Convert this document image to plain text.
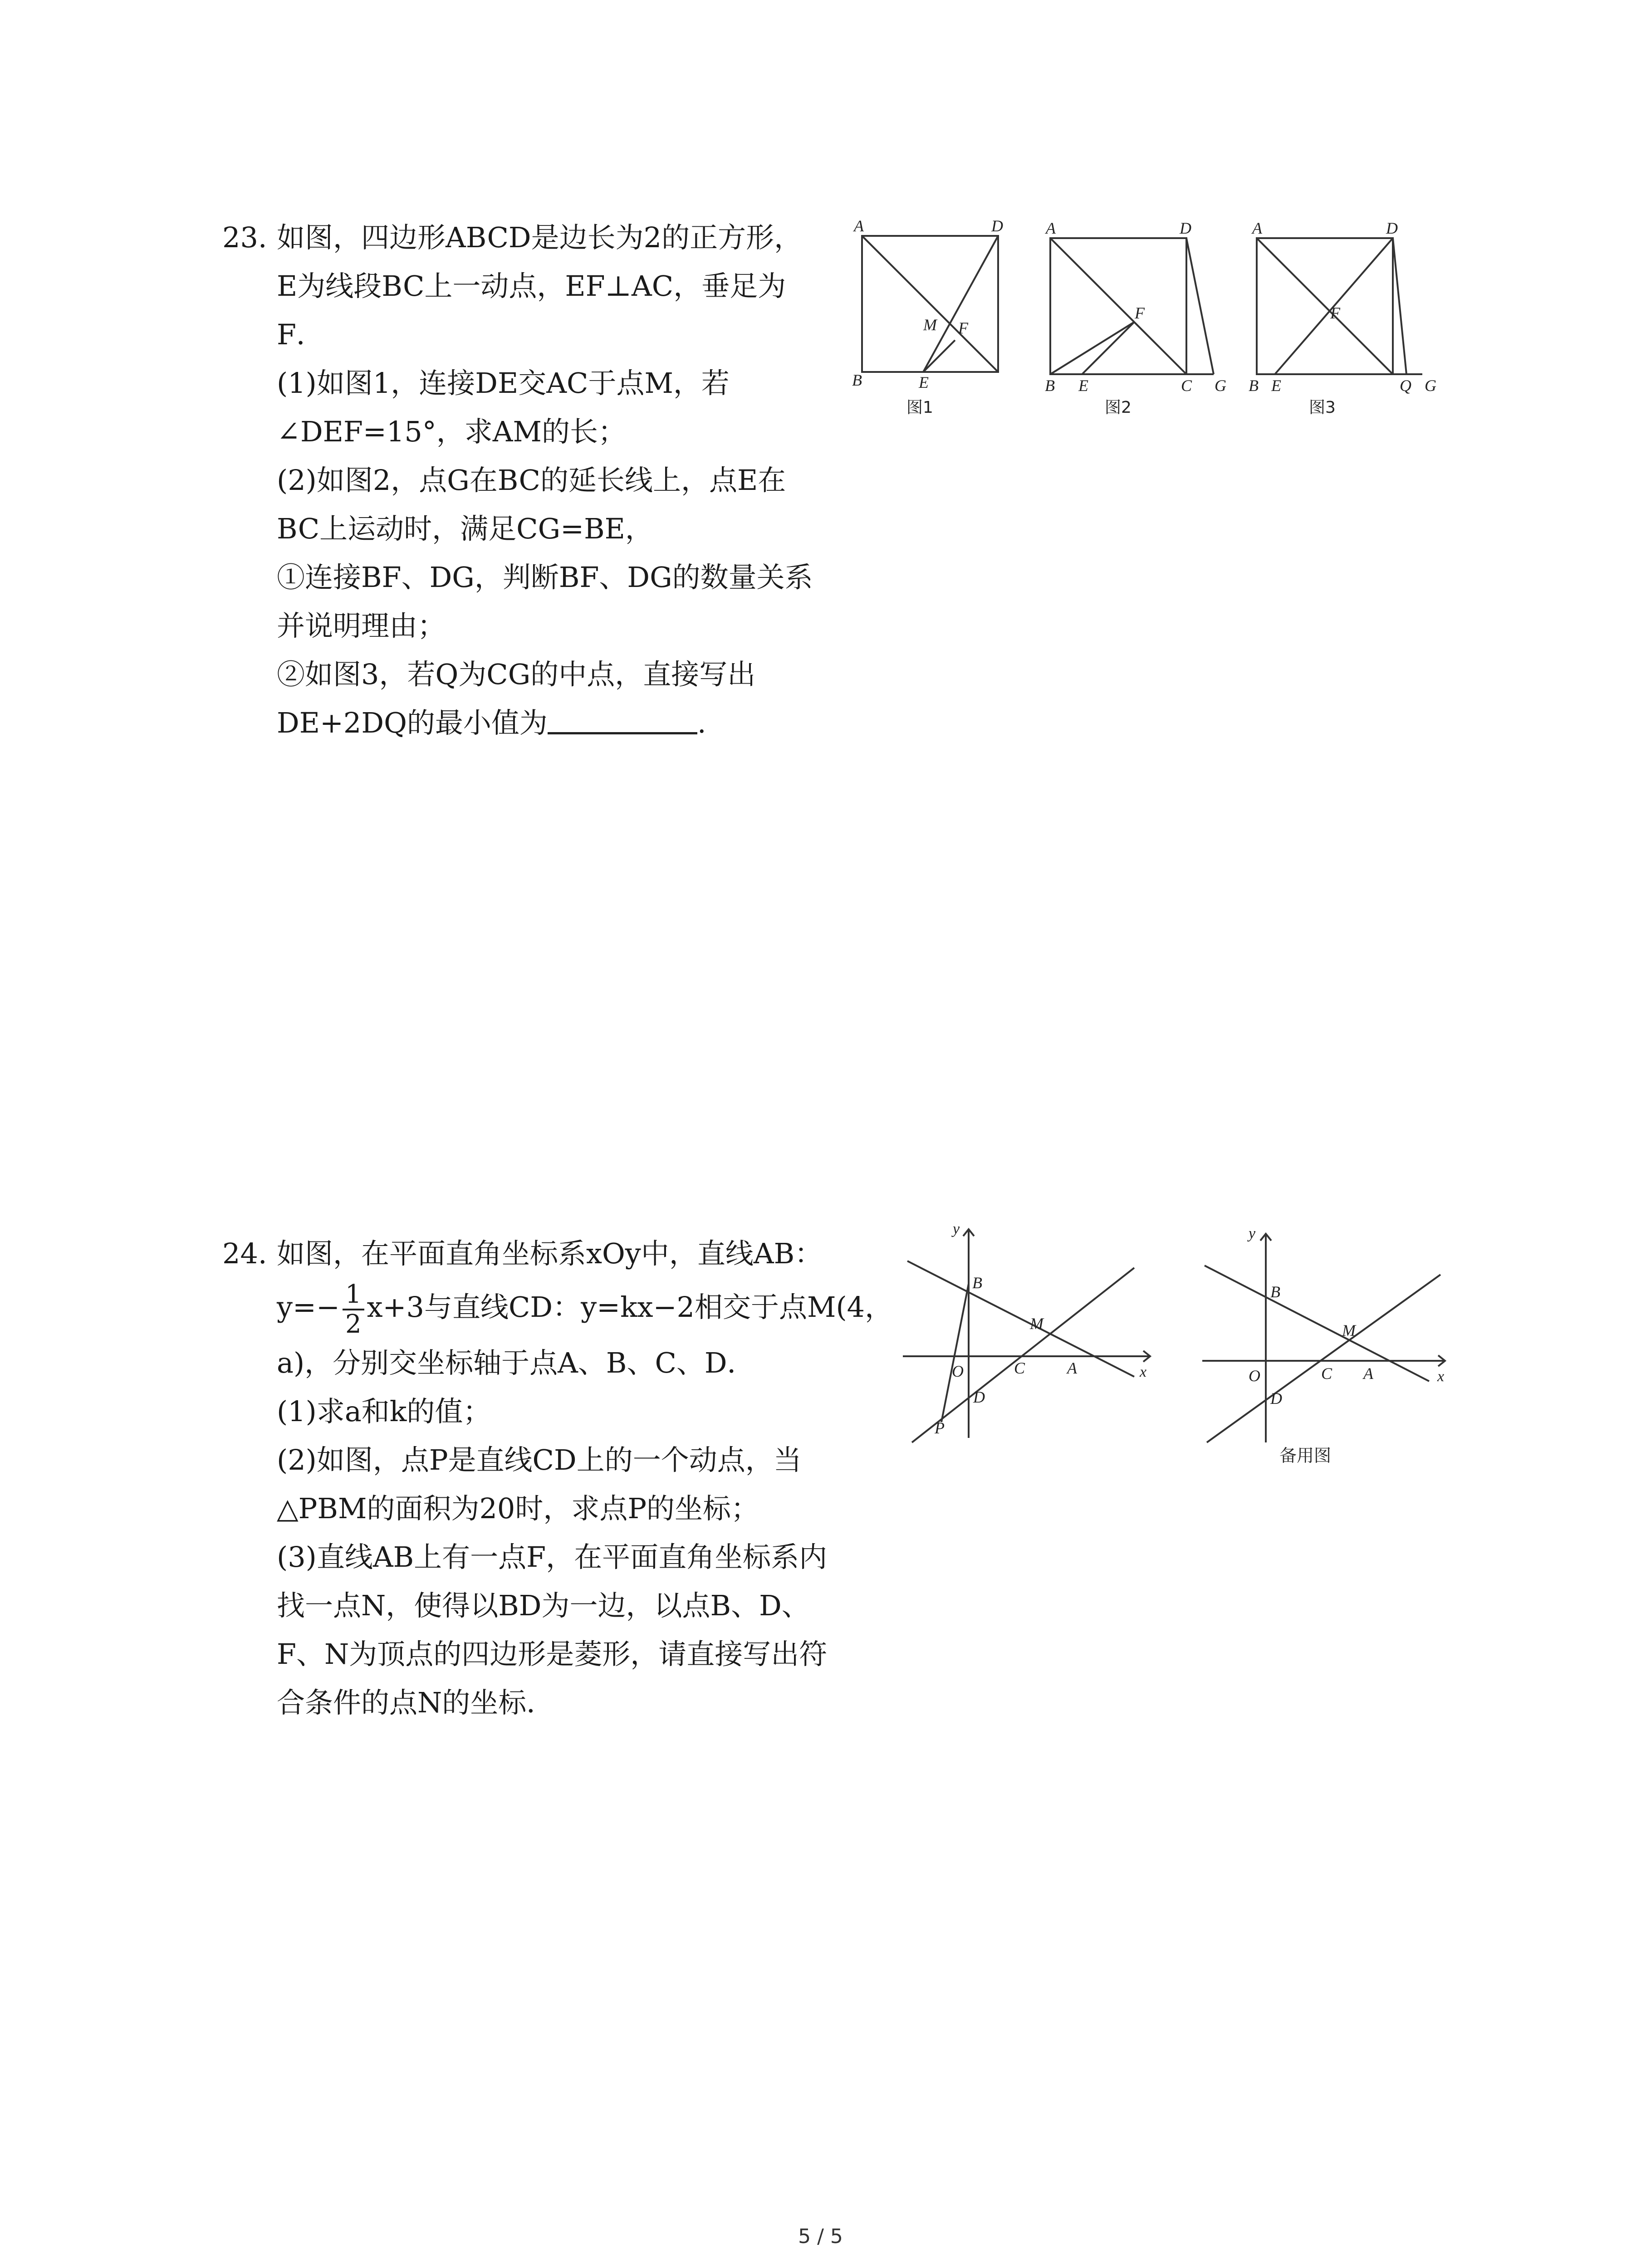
23. 如图，四边形ABCD是边长为2的正方形，
E为线段BC上一动点，EF⊥AC，垂足为
F．
(1)如图1，连接DE交AC于点M，若
∠DEF=15°，求AM的长；
(2)如图2，点G在BC的延长线上，点E在
BC上运动时，满足CG=BE，
①连接BF、DG，判断BF、DG的数量关系
并说明理由；
②如图3，若Q为CG的中点，直接写出
DE+2DQ的最小值为	.
A	D
B	E
M F
图1
A	D
B E
F
C G
图2
A	D
B E
F
Q G
图3
24. 如图，在平面直角坐标系xOy中，直线AB：
$y=- \frac{1}{2} x+3$与直线CD：y=kx−2相交于点M(4，
a)，分别交坐标轴于点A、B、C、D．
(1)求a和k的值；
(2)如图，点P是直线CD上的一个动点，当
△PBM的面积为20时，求点P的坐标；
(3)直线AB上有一点F，在平面直角坐标系内
找一点N，使得以BD为一边，以点B、D、
F、N为顶点的四边形是菱形，请直接写出符
合条件的点N的坐标．
y
x
O
B
M
C	A
D
P
y
x
O
B
M
C A
D
备用图
5 / 5
